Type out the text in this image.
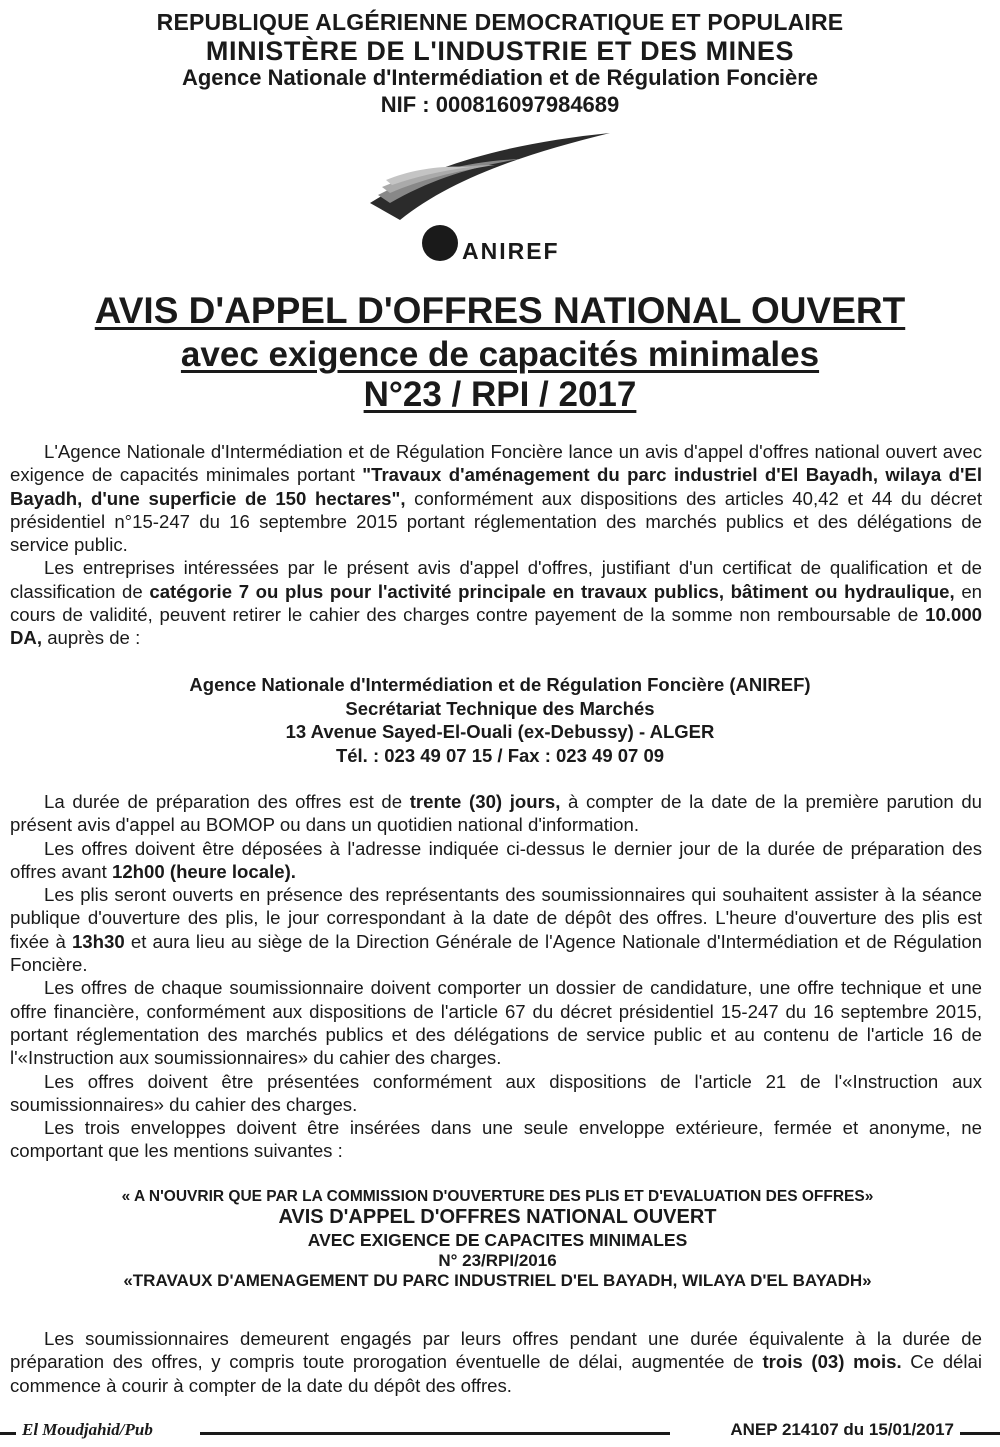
REPUBLIQUE ALGÉRIENNE DEMOCRATIQUE ET POPULAIRE
MINISTÈRE DE L'INDUSTRIE ET DES MINES
Agence Nationale d'Intermédiation et de Régulation Foncière
NIF : 000816097984689
ANIREF
AVIS D'APPEL D'OFFRES NATIONAL OUVERT
avec exigence de capacités minimales
N°23 / RPI / 2017

L'Agence Nationale d'Intermédiation et de Régulation Foncière lance un avis d'appel d'offres national ouvert avec exigence de capacités minimales portant "Travaux d'aménagement du parc industriel d'El Bayadh, wilaya d'El Bayadh, d'une superficie de 150 hectares", conformément aux dispositions des articles 40,42 et 44 du décret présidentiel n°15-247 du 16 septembre 2015 portant réglementation des marchés publics et des délégations de service public.

Les entreprises intéressées par le présent avis d'appel d'offres, justifiant d'un certificat de qualification et de classification de catégorie 7 ou plus pour l'activité principale en travaux publics, bâtiment ou hydraulique, en cours de validité, peuvent retirer le cahier des charges contre payement de la somme non remboursable de 10.000 DA, auprès de :

Agence Nationale d'Intermédiation et de Régulation Foncière (ANIREF)
Secrétariat Technique des Marchés
13 Avenue Sayed-El-Ouali (ex-Debussy) - ALGER
Tél. : 023 49 07 15 / Fax : 023 49 07 09

La durée de préparation des offres est de trente (30) jours, à compter de la date de la première parution du présent avis d'appel au BOMOP ou dans un quotidien national d'information.

Les offres doivent être déposées à l'adresse indiquée ci-dessus le dernier jour de la durée de préparation des offres avant 12h00 (heure locale).

Les plis seront ouverts en présence des représentants des soumissionnaires qui souhaitent assister à la séance publique d'ouverture des plis, le jour correspondant à la date de dépôt des offres. L'heure d'ouverture des plis est fixée à 13h30 et aura lieu au siège de la Direction Générale de l'Agence Nationale d'Intermédiation et de Régulation Foncière.

Les offres de chaque soumissionnaire doivent comporter un dossier de candidature, une offre technique et une offre financière, conformément aux dispositions de l'article 67 du décret présidentiel 15-247 du 16 septembre 2015, portant réglementation des marchés publics et des délégations de service public et au contenu de l'article 16 de l'«Instruction aux soumissionnaires» du cahier des charges.

Les offres doivent être présentées conformément aux dispositions de l'article 21 de l'«Instruction aux soumissionnaires» du cahier des charges.

Les trois enveloppes doivent être insérées dans une seule enveloppe extérieure, fermée et anonyme, ne comportant que les mentions suivantes :

« A N'OUVRIR QUE PAR LA COMMISSION D'OUVERTURE DES PLIS ET D'EVALUATION DES OFFRES»
AVIS D'APPEL D'OFFRES NATIONAL OUVERT
AVEC EXIGENCE DE CAPACITES MINIMALES
N° 23/RPI/2016
«TRAVAUX D'AMENAGEMENT DU PARC INDUSTRIEL D'EL BAYADH, WILAYA D'EL BAYADH»

Les soumissionnaires demeurent engagés par leurs offres pendant une durée équivalente à la durée de préparation des offres, y compris toute prorogation éventuelle de délai, augmentée de trois (03) mois. Ce délai commence à courir à compter de la date du dépôt des offres.

El Moudjahid/Pub	ANEP 214107 du 15/01/2017
